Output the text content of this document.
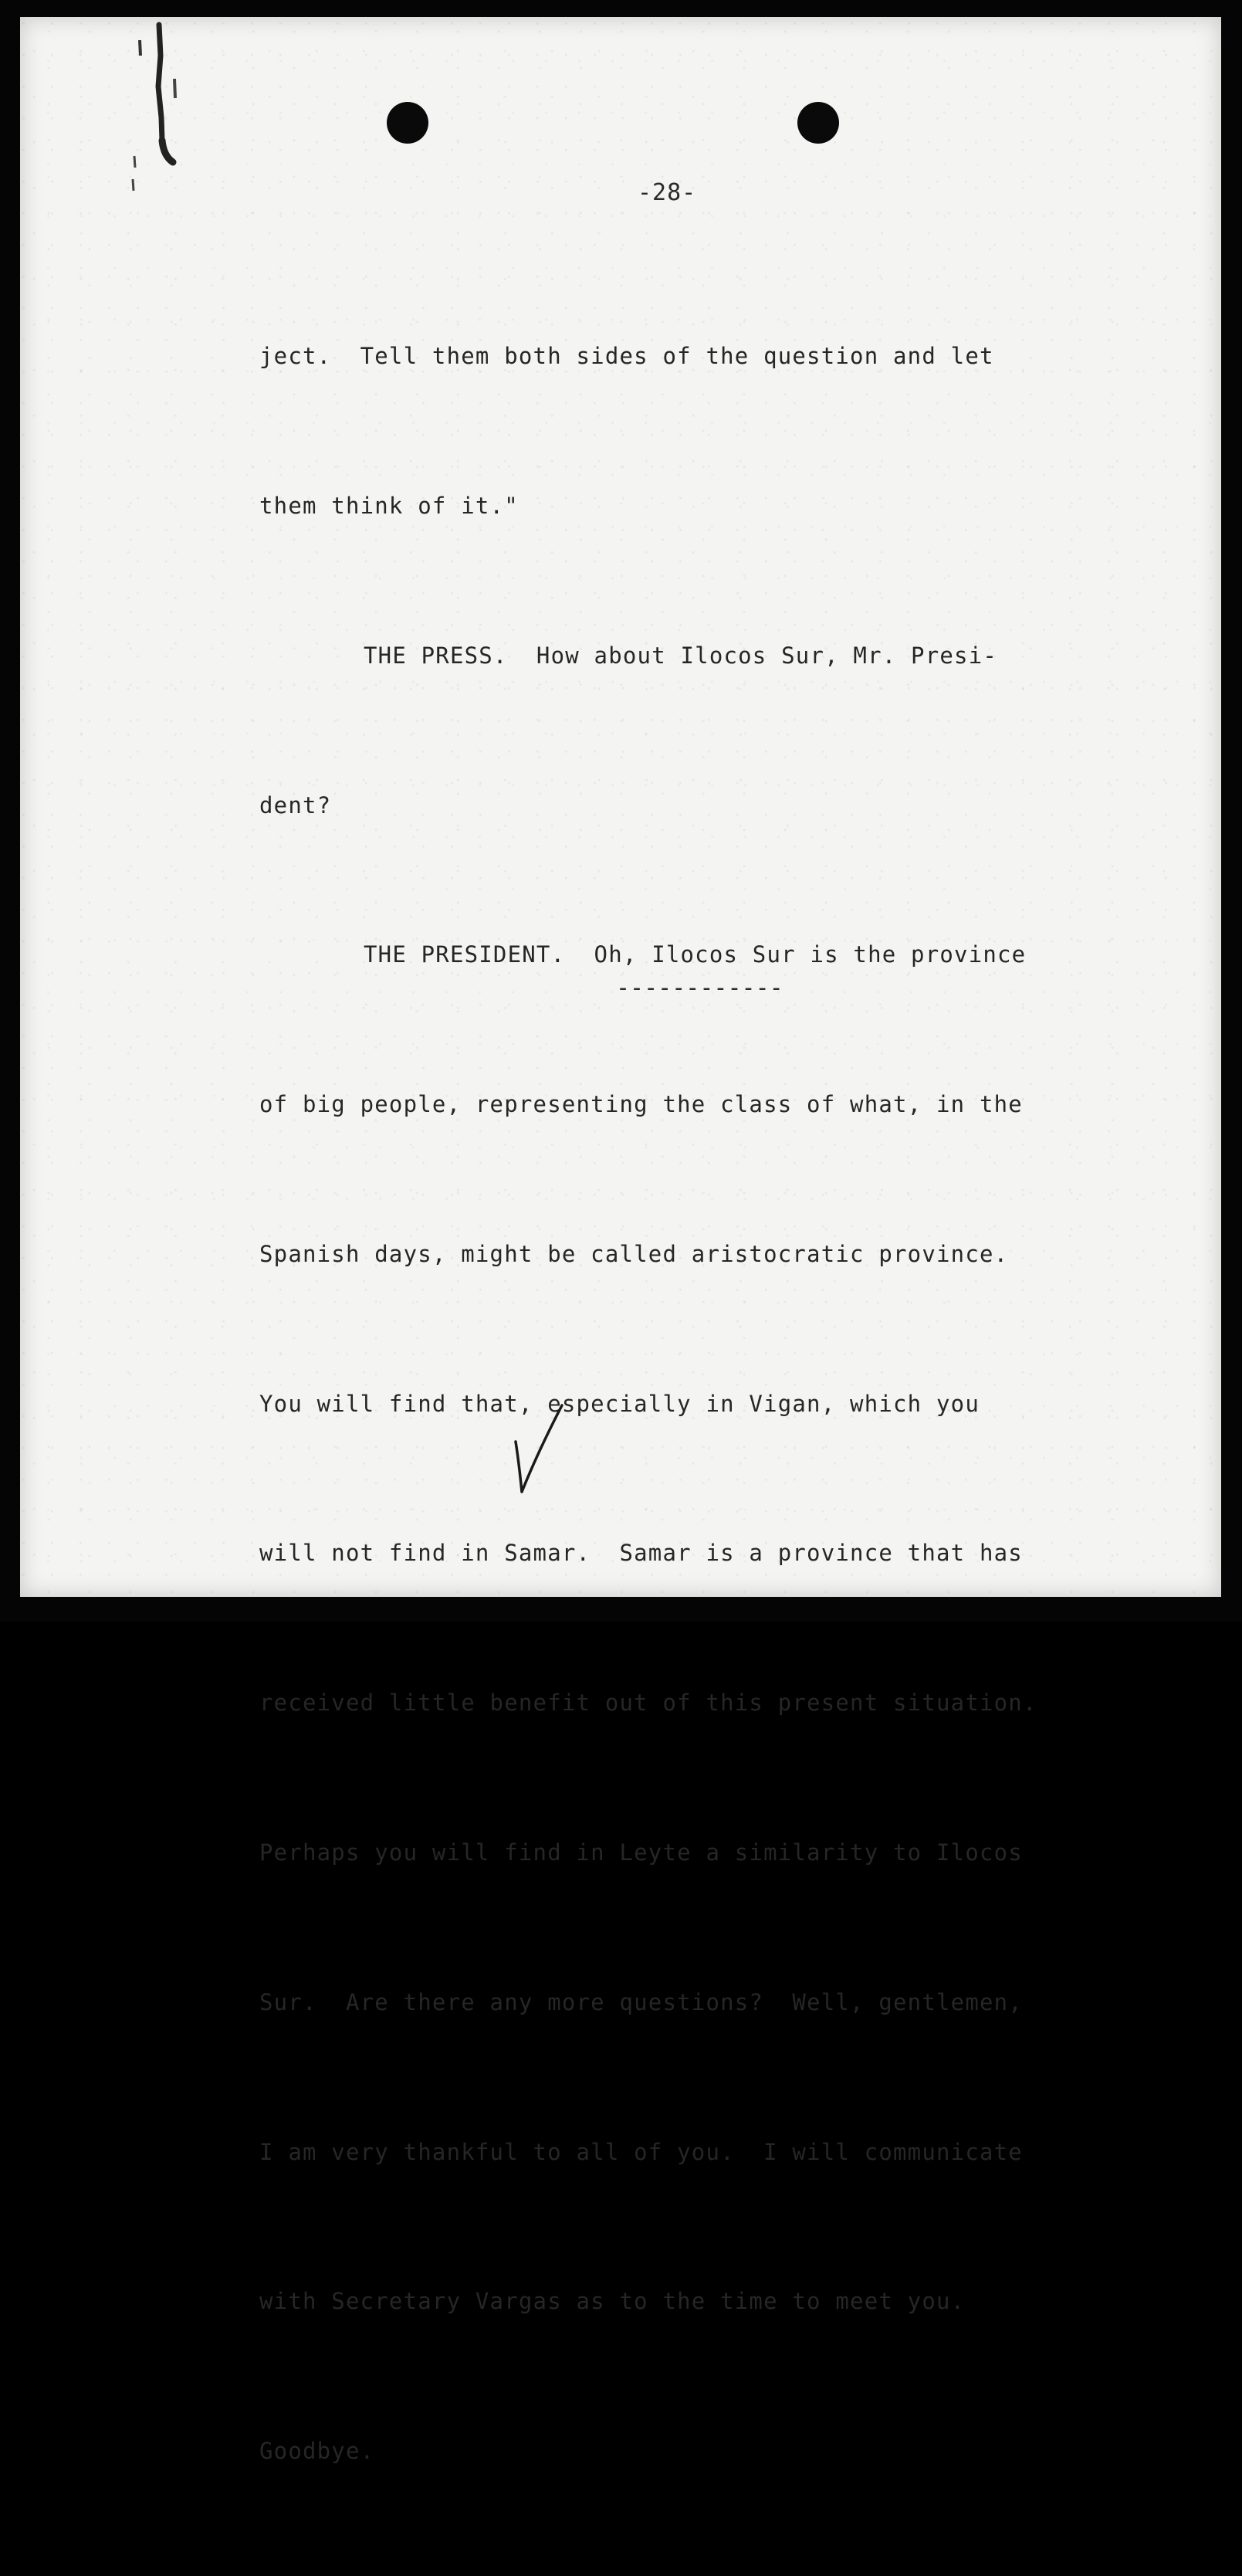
-28-

ject.  Tell them both sides of the question and let

them think of it."

THE PRESS.  How about Ilocos Sur, Mr. Presi-

dent?

THE PRESIDENT.  Oh, Ilocos Sur is the province

of big people, representing the class of what, in the

Spanish days, might be called aristocratic province.

You will find that, especially in Vigan, which you

will not find in Samar.  Samar is a province that has

received little benefit out of this present situation.

Perhaps you will find in Leyte a similarity to Ilocos

Sur.  Are there any more questions?  Well, gentlemen,

I am very thankful to all of you.  I will communicate

with Secretary Vargas as to the time to meet you.

Goodbye.

------------
